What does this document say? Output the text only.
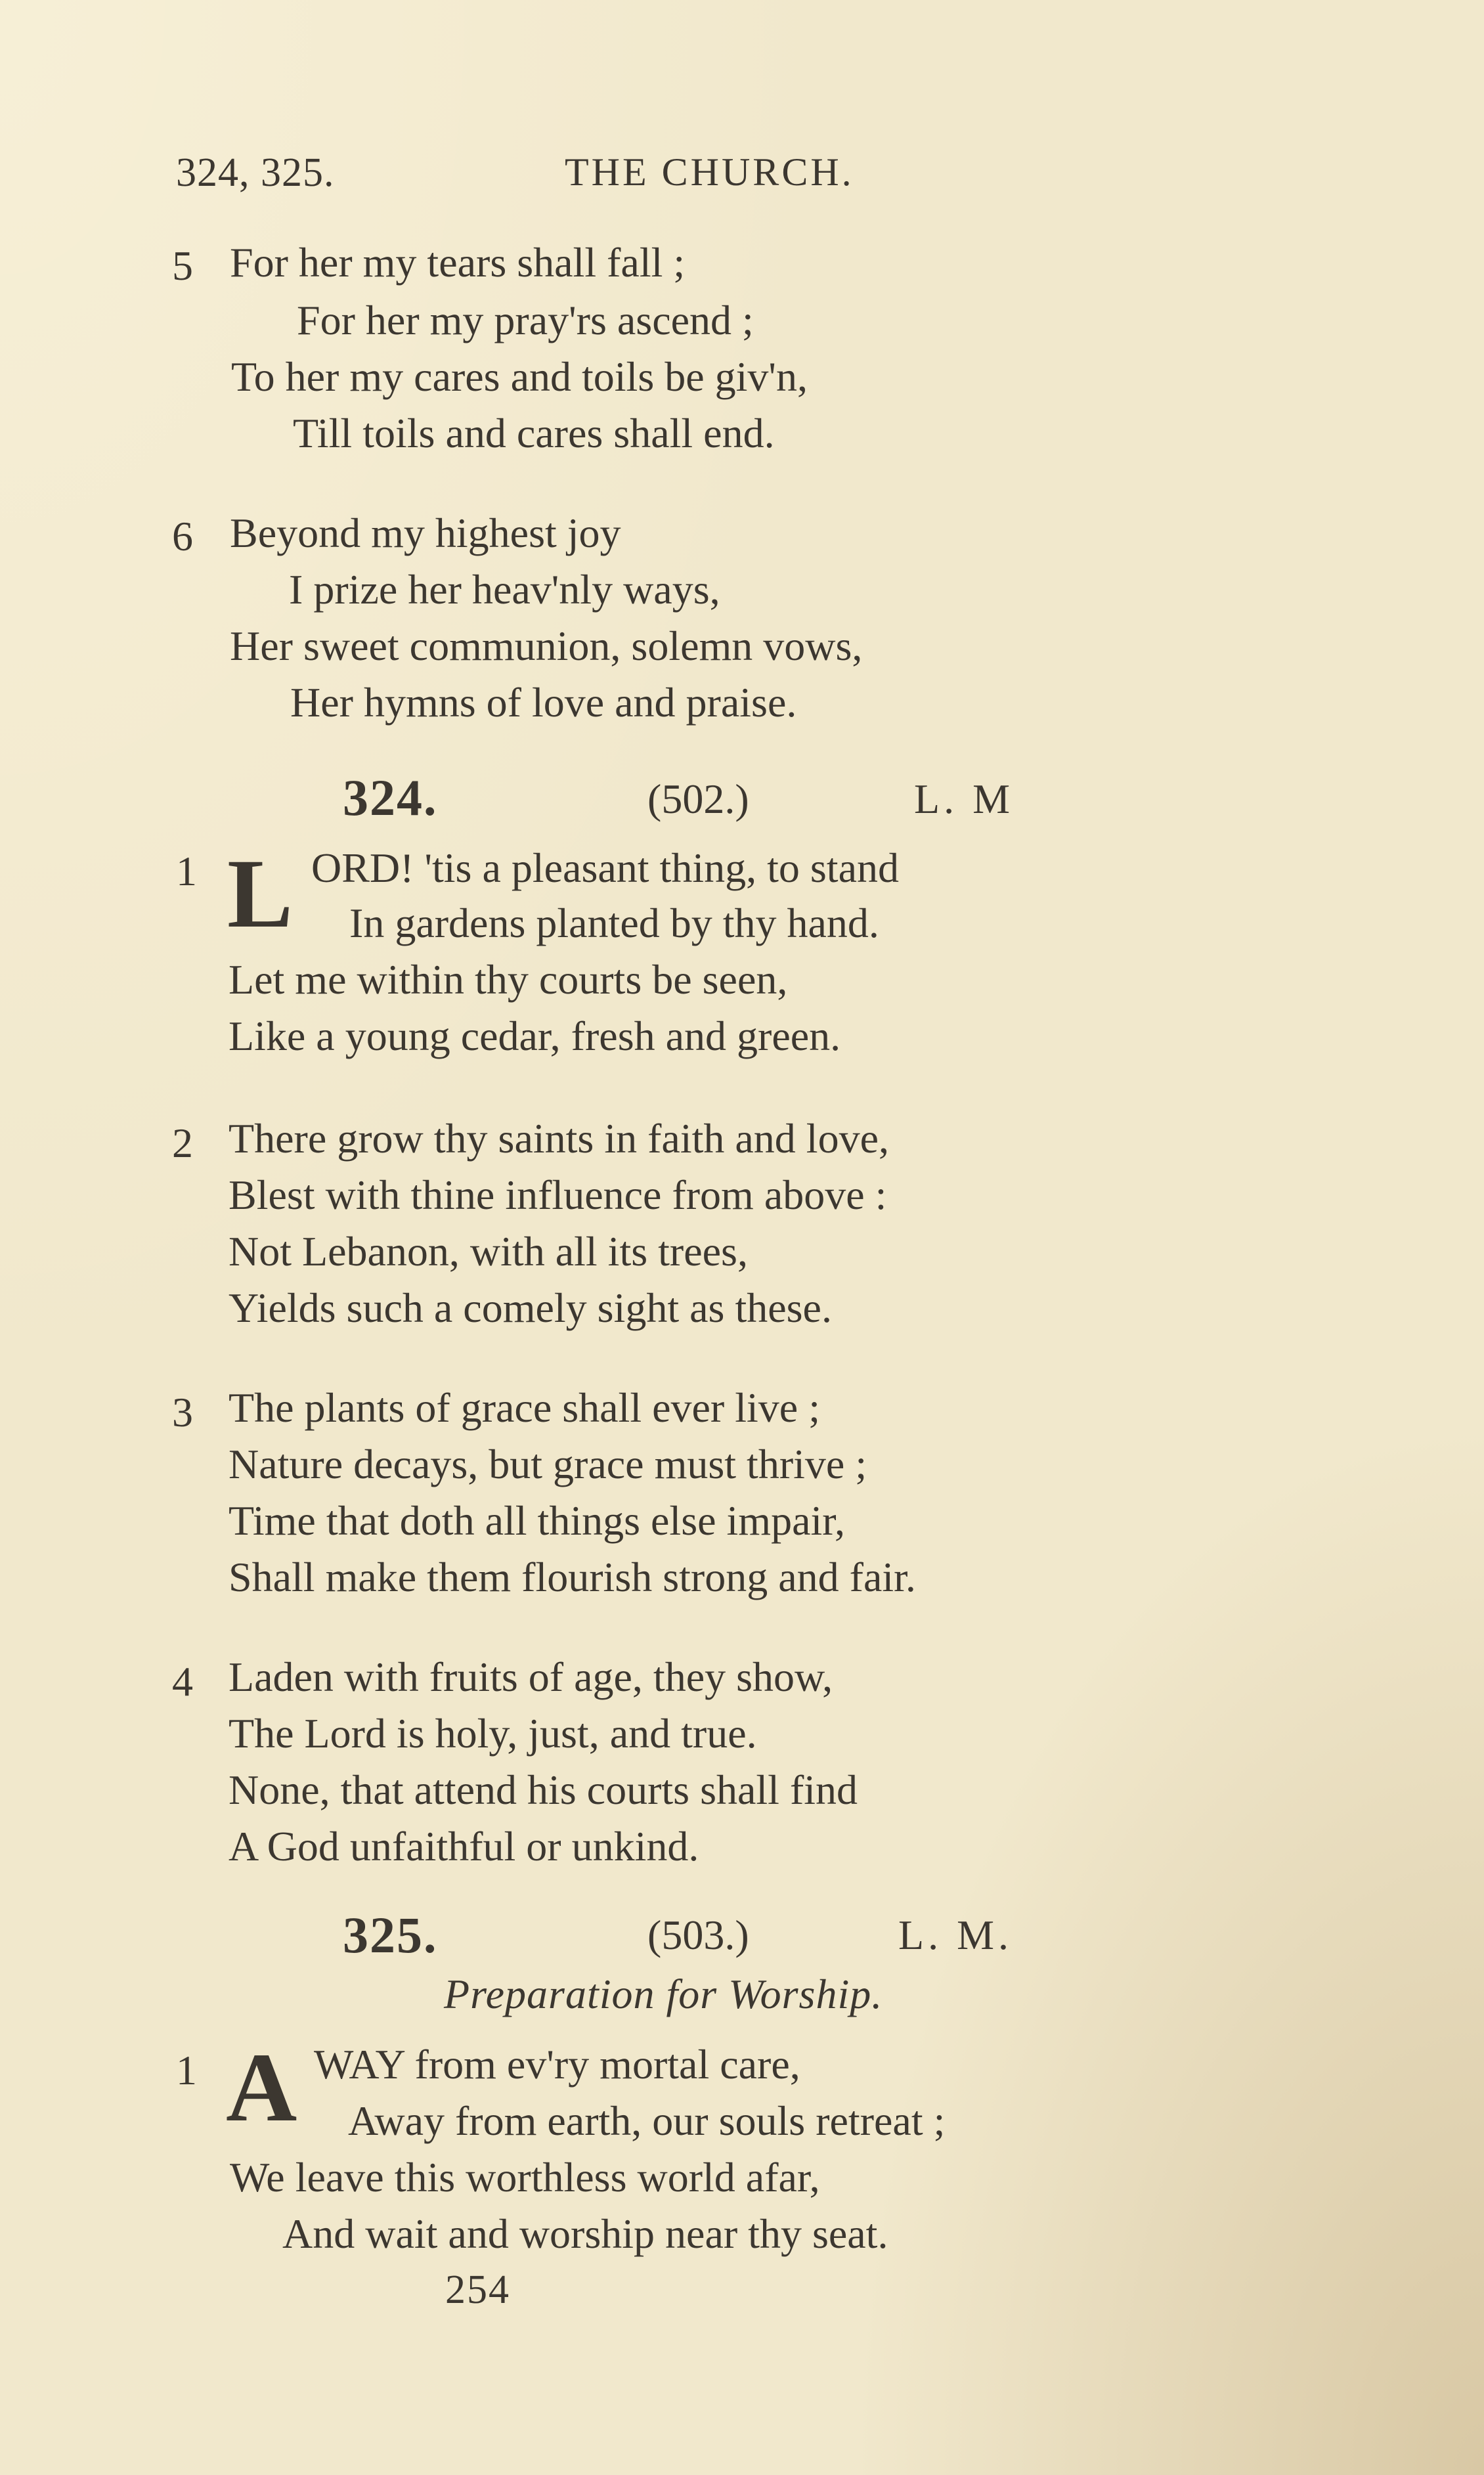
324, 325.	THE CHURCH.
5 For her my tears shall fall ;
For her my pray'rs ascend ;
To her my cares and toils be giv'n,
Till toils and cares shall end.
6 Beyond my highest joy
I prize her heav'nly ways,
Her sweet communion, solemn vows,
Her hymns of love and praise.
324.	(502.)	L. M
1 L ORD! 'tis a pleasant thing, to stand
In gardens planted by thy hand.
Let me within thy courts be seen,
Like a young cedar, fresh and green.
2 There grow thy saints in faith and love,
Blest with thine influence from above :
Not Lebanon, with all its trees,
Yields such a comely sight as these.
3 The plants of grace shall ever live ;
Nature decays, but grace must thrive ;
Time that doth all things else impair,
Shall make them flourish strong and fair.
4 Laden with fruits of age, they show,
The Lord is holy, just, and true.
None, that attend his courts shall find
A God unfaithful or unkind.
325.	(503.)	L. M.
Preparation for Worship.
1 A WAY from ev'ry mortal care,
Away from earth, our souls retreat ;
We leave this worthless world afar,
And wait and worship near thy seat.
254
